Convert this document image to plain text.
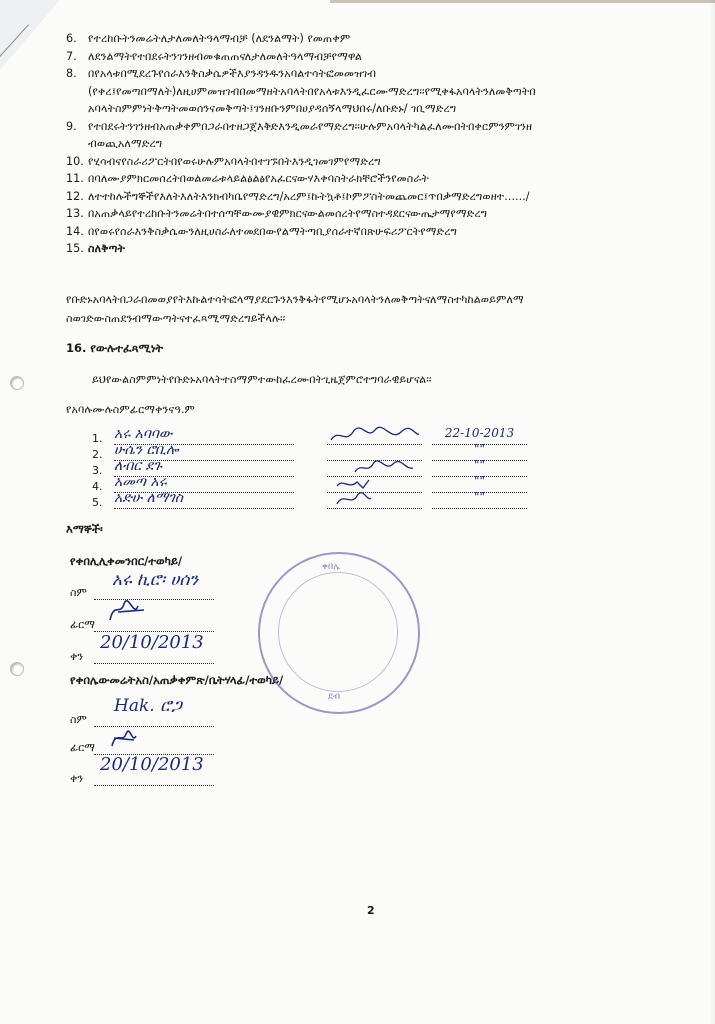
6.	የተረከቡትንመሬትለታለመለትዓላማብቻ (ለደንልማት) የመጠቀም
7.	ለደንልማትየተበደሩትንገንዘብመቁጠጠናለታለመለትዓላማብቻየማዋል
8.	በየአላቱበሚደረጉየሰራእንቅስቃሴዎችእያንዳንዱንአባልተሳትፎመመዝገብ
(የቀረ፤የመጣበማለት)ለዚሀምመዝገብበመማዘትአባላትበየአላቱእንዲፈርሙማድረግ፡፡የሚቀፋአባላትንለመቅጣትበ
አባላትስምምነትቅጣትመወሰንናመቅጣት፤ገንዘቡንምበሀያዳሰኝላማህበሩ/ለቡድኑ/ ገቢማድረግ
9.	የተበደሩትንገንዘብአጠቃቀምበጋራበተዘጋጀእቅድእንዲመራየማድረግ፡፡ሁሉምአባላትካልፈለሙበትበቀርምንምገንዘ
ብወጪአለማድረግ
10. የሂሳብናየስራሪፖርትበየወሩሁሉምአባላትበተገኙበትእንዲገመገምየማድረግ
11. በባለሙያምክርመሰረትበወልመሬቱላይልፅልፅየአፈርናውሃእቀባስትራክቸሮችንየመስራት
12. ለተተከሉችግኞችየእለትእለትእንክብካቤየማድረግ/አረም፤ኩትኳቶ፤ኮምፖስትመጨመር፤ጥበቃማድረግወዘተ....../
13. በአጠቃላይየተረከቡትንመሬትበተሰጣቸውሙያዊምክርናውልመሰረትየማስተዳደርናውጤታማየማድረግ
14. በየወሩየሰራእንቅስቃሴውንለዚሀስራለተመደበውየልማትጣቢያሰራተኛበጽሁፍሪፖርትየማድረግ
15. ስለቅጣት
የቡድኑአባላትበጋራበመወያየትእኩልተሳትፎላማያደርጉንእንቅፋትየሚሆኑአባላትንለመቅጣትናለማስተካከልወይምለማ
ስወገድውስጠደንብማውጣትናተፈጻሚማድረግይችላሉ፡፡
16. የውሉተፈጻሚነት
ይህየውልስምምነትየቡድኑአባላትተስማምተውከፈረሙበትጊዜጀምሮተግባራዊይሆናል፡፡
የአባሉሙሉስምፊርማቀንናዓ.ም
1. አሩ አባባው	22-10-2013
2. ሁሴን ሮቢሎ	""
3. ለብር ደጉ	""
4. አመጣ አሩ	""
5. አድሁ ለማገስ	""
እማኞች፡
የቀበሊሊቀመንበር/ተወካይ/
ስም
አሩ ኪሮ፡ ሀሰን
ፊርማ
ቀን
20/10/2013
የቀበሌውመሬትአስ/አጠቃቀምጽ/ቤትሃላፊ/ተወካይ/
ስም
Hak. ሮጋ
ፊርማ
ቀን
20/10/2013
ቀበሌ
ደብ
2
